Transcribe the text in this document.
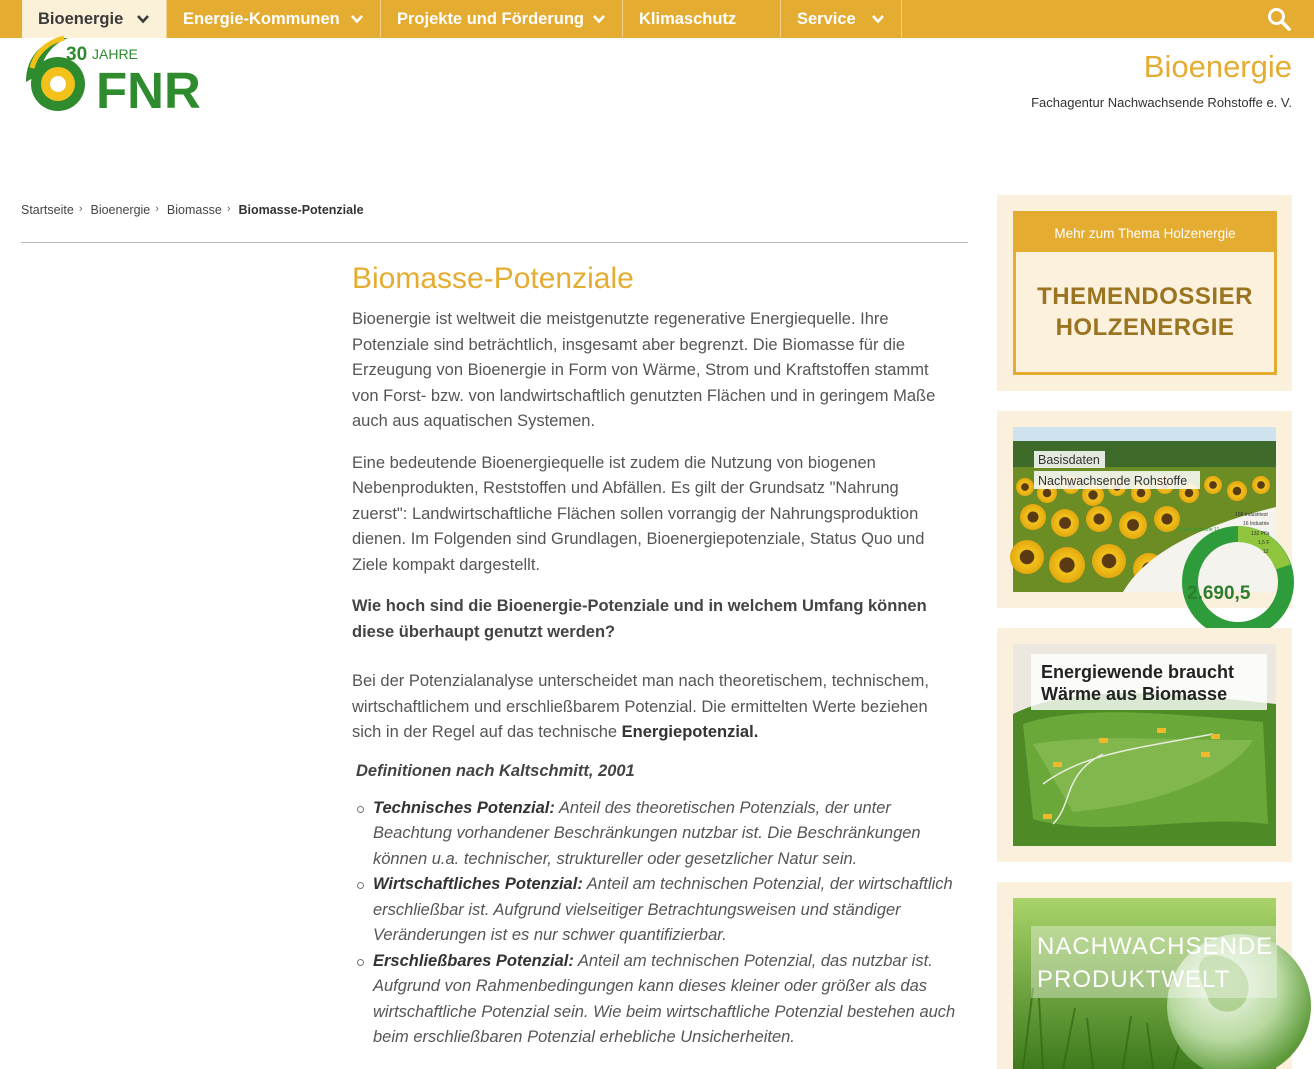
Bioenergie	Energie-Kommunen	Projekte und Förderung	Klimaschutz	Service
30 JAHRE
FNR	Bioenergie
Fachagentur Nachwachsende Rohstoffe e. V.
Startseite › Bioenergie › Biomasse › Biomasse-Potenziale
Biomasse-Potenziale

Bioenergie ist weltweit die meistgenutzte regenerative Energiequelle. Ihre Potenziale sind beträchtlich, insgesamt aber begrenzt. Die Biomasse für die Erzeugung von Bioenergie in Form von Wärme, Strom und Kraftstoffen stammt von Forst- bzw. von landwirtschaftlich genutzten Flächen und in geringem Maße auch aus aquatischen Systemen.

Eine bedeutende Bioenergiequelle ist zudem die Nutzung von biogenen Nebenprodukten, Reststoffen und Abfällen. Es gilt der Grundsatz "Nahrung zuerst": Landwirtschaftliche Flächen sollen vorrangig der Nahrungsproduktion dienen. Im Folgenden sind Grundlagen, Bioenergiepotenziale, Status Quo und Ziele kompakt dargestellt.

Wie hoch sind die Bioenergie-Potenziale und in welchem Umfang können diese überhaupt genutzt werden?

Bei der Potenzialanalyse unterscheidet man nach theoretischem, technischem, wirtschaftlichem und erschließbarem Potenzial. Die ermittelten Werte beziehen sich in der Regel auf das technische Energiepotenzial.

Definitionen nach Kaltschmitt, 2001
Technisches Potenzial: Anteil des theoretischen Potenzials, der unter Beachtung vorhandener Beschränkungen nutzbar ist. Die Beschränkungen können u.a. technischer, struktureller oder gesetzlicher Natur sein.
Wirtschaftliches Potenzial: Anteil am technischen Potenzial, der wirtschaftlich erschließbar ist. Aufgrund vielseitiger Betrachtungsweisen und ständiger Veränderungen ist es nur schwer quantifizierbar.
Erschließbares Potenzial: Anteil am technischen Potenzial, das nutzbar ist. Aufgrund von Rahmenbedingungen kann dieses kleiner oder größer als das wirtschaftliche Potenzial sein. Wie beim wirtschaftliche Potenzial bestehen auch beim erschließbaren Potenzial erhebliche Unsicherheiten.
Mehr zum Thema Holzenergie
THEMENDOSSIER
HOLZENERGIE
Festbrennstoffe 11
108 Industriest
16 Industrie
132 Pfla
1,5 F
12
2.690,5
Basisdaten
Nachwachsende Rohstoffe
Energiewende braucht
Wärme aus Biomasse
NACHWACHSENDE
PRODUKTWELT
